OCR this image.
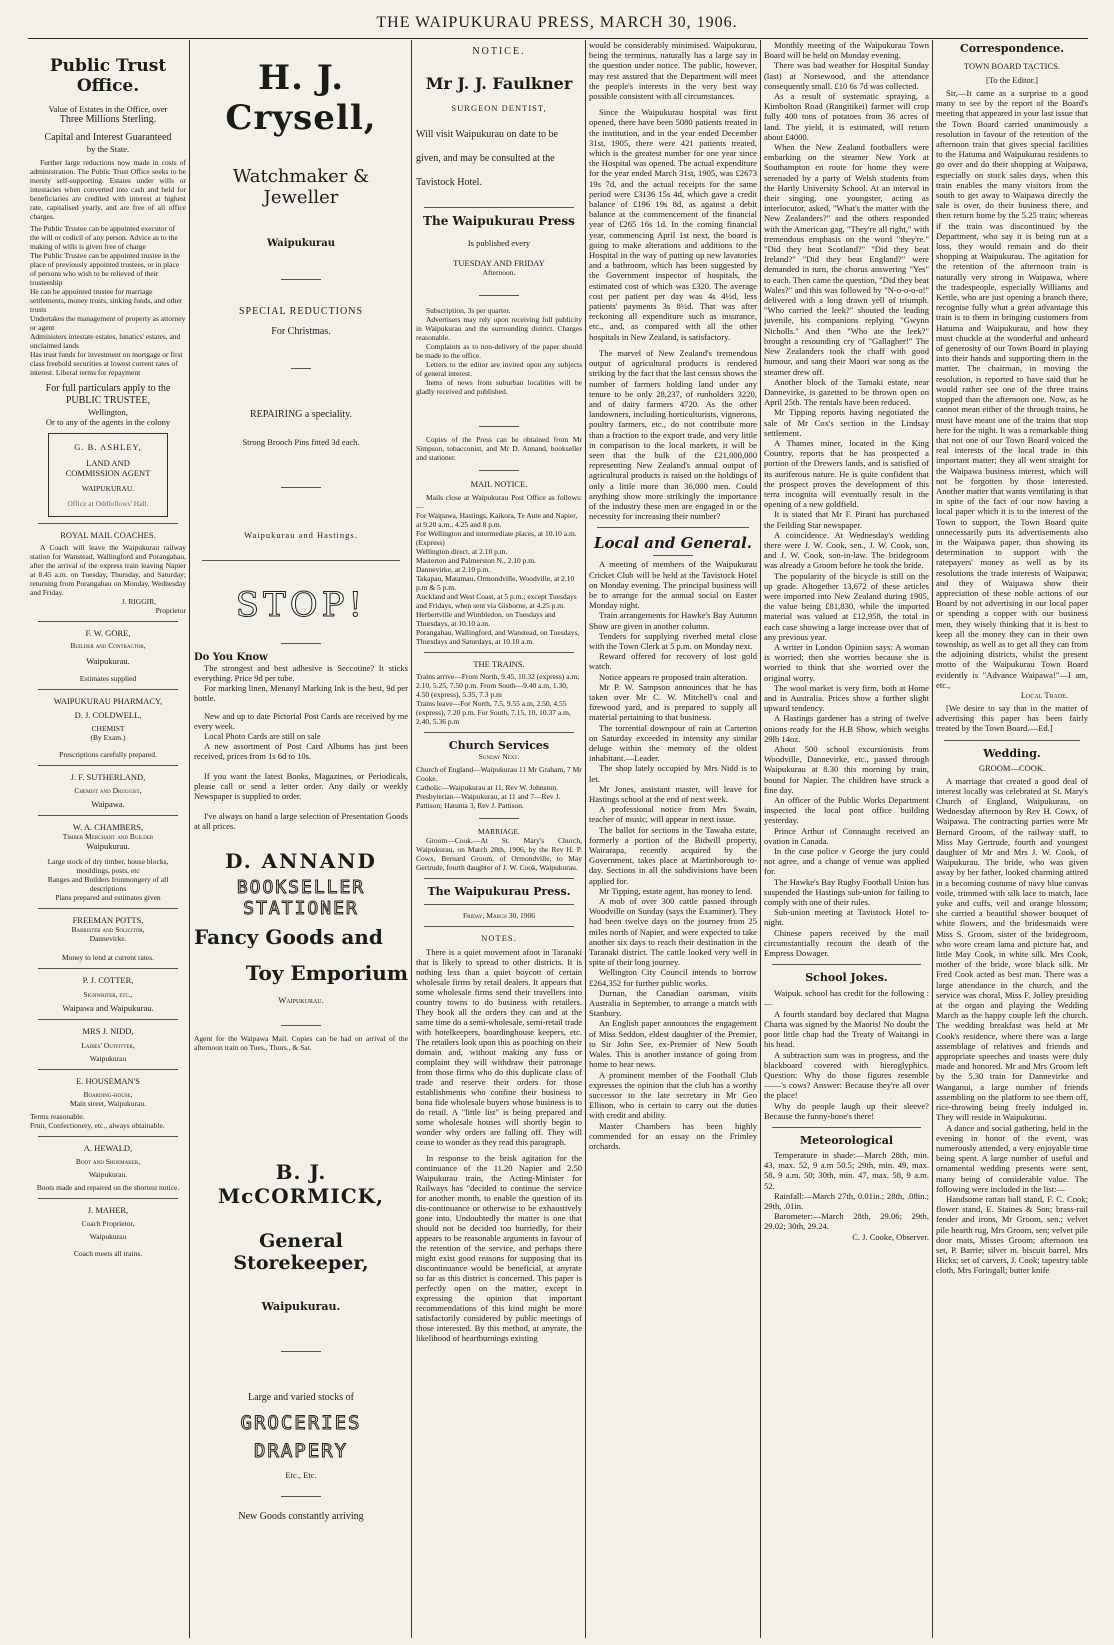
THE WAIPUKURAU PRESS, MARCH 30, 1906.
Public Trust Office.
Value of Estates in the Office, over
Three Millions Sterling.
Capital and Interest Guaranteed
by the State.

Further large reductions now made in costs of administration. The Public Trust Office seeks to be merely self-supporting. Estates under wills or intestacies when converted into cash and held for beneficiaries are credited with interest at highest rate, capitalised yearly, and are free of all office charges.

The Public Trustee can be appointed executor of the will or codicil of any person. Advice as to the making of wills is given free of charge

The Public Trustee can be appointed trustee in the place of previously appointed trustees, or in place of persons who wish to be relieved of their trusteeship

He can be appointed trustee for marriage settlements, money trusts, sinking funds, and other trusts

Undertakes the management of property as attorney or agent

Administers intestate estates, lunatics' estates, and unclaimed lands

Has trust funds for investment on mortgage or first class freehold securities at lowest current rates of interest. Liberal terms for repayment

For full particulars apply to the
PUBLIC TRUSTEE,
Wellington,
Or to any of the agents in the colony
G. B. ASHLEY,
LAND AND
COMMISSION AGENT
WAIPUKURAU.
Office at Oddfellows' Hall.
ROYAL MAIL COACHES.

A Coach will leave the Waipukurau railway station for Wanstead, Wallingford and Porangahau, after the arrival of the express train leaving Napier at 8.45 a.m. on Tuesday, Thursday, and Saturday; returning from Porangahau on Monday, Wednesday and Friday.

J. RIGGIR,
Proprietor
F. W. GORE,
Builder and Contractor,
Waipukurau.
Estimates supplied
WAIPUKURAU PHARMACY,
D. J. COLDWELL,
CHEMIST
(By Exam.)
Prescriptions carefully prepared.
J. F. SUTHERLAND,
Chemist and Druggist,
Waipawa.
W. A. CHAMBERS,
Timber Merchant and Builder
Waipukurau.
Large stock of dry timber, house blocks, mouldings, posts, etc
Ranges and Builders Ironmongery of all descriptions
Plans prepared and estimates given
FREEMAN POTTS,
Barrister and Solicitor,
Dannevirke.
Money to lend at current rates.
P. J. COTTER,
Signwriter, etc.,
Waipawa and Waipukurau.
MRS J. NIDD,
Ladies' Outfitter,
Waipukurau
E. HOUSEMAN'S
Boarding-house,
Main street, Waipukurau.
Terms reasonable.
Fruit, Confectionery, etc., always obtainable.
A. HEWALD,
Boot and Shoemaker,
Waipukurau.
Boots made and repaired on the shortest notice.
J. MAHER,
Coach Proprietor,
Waipukurau
Coach meets all trains.
H. J. Crysell,
Watchmaker & Jeweller
Waipukurau
SPECIAL REDUCTIONS
For Christmas.
REPAIRING a speciality.
Strong Brooch Pins fitted 3d each.
Waipukurau and Hastings.
STOP!
Do You Know

The strongest and best adhesive is Seccotine? It sticks everything. Price 9d per tube.

For marking linen, Menanyl Marking Ink is the best, 9d per bottle.

New and up to date Pictorial Post Cards are received by me every week.

Local Photo Cards are still on sale

A new assortment of Post Card Albums has just been received, prices from 1s 6d to 10s.

If you want the latest Books, Magazines, or Periodicals, please call or send a letter order. Any daily or weekly Newspaper is supplied to order.

I've always on hand a large selection of Presentation Goods at all prices.

D. ANNAND
BOOKSELLER
STATIONER
Fancy Goods and
Toy Emporium
Waipukurau.

Agent for the Waipawa Mail. Copies can be had on arrival of the afternoon train on Tues., Thurs., & Sat.

B. J. McCORMICK,
General Storekeeper,
Waipukurau.
Large and varied stocks of
GROCERIES
DRAPERY
Etc., Etc.
New Goods constantly arriving
NOTICE.
Mr J. J. Faulkner
SURGEON DENTIST,

Will visit Waipukurau on date to be given, and may be consulted at the Tavistock Hotel.

The Waipukurau Press
Is published every
TUESDAY AND FRIDAY
Afternoon.

Subscription, 3s per quarter.

Advertisers may rely upon receiving full publicity in Waipukurau and the surrounding district. Charges reasonable.

Complaints as to non-delivery of the paper should be made to the office.

Letters to the editor are invited upon any subjects of general interest.

Items of news from suburban localities will be gladly received and published.

Copies of the Press can be obtained from Mr Simpson, tobacconist, and Mr D. Annand, bookseller and stationer.

MAIL NOTICE.

Mails close at Waipukurau Post Office as follows:—

For Waipawa, Hastings, Kaikora, Te Aute and Napier, at 9.20 a.m., 4.25 and 8 p.m.

For Wellington and intermediate places, at 10.10 a.m. (Express)

Wellington direct, at 2.10 p.m.

Masterton and Palmerston N., 2.10 p.m.

Dannevirke, at 2.10 p.m.

Takapau, Matamau, Ormondville, Woodville, at 2.10 p.m & 5 p.m.

Auckland and West Coast, at 5 p.m.; except Tuesdays and Fridays, when sent via Gisborne, at 4.25 p.m.

Herbertville and Wimbledon, on Tuesdays and Thursdays, at 10.10 a.m.

Porangahau, Wallingford, and Wanstead, on Tuesdays, Thursdays and Saturdays, at 10.10 a.m.

THE TRAINS.

Trains arrive—From North, 9.45, 10.32 (express) a.m; 2.10, 5.25, 7.50 p.m. From South—9.40 a.m, 1.30, 4.50 (express), 5.35, 7.3 p.m

Trains leave—For North, 7.5, 9.55 a.m, 2.50, 4.55 (express), 7.20 p.m. For South, 7.15, 10, 10.37 a.m, 2.40, 5.36 p.m

Church Services
Sunday Next.

Church of England—Waipukurau 11 Mr Graham, 7 Mr Cooke.

Catholic—Waipukurau at 11, Rev W. Johnston.

Presbyterian—Waipukurau, at 11 and 7—Rev J. Pattison; Hatuma 3, Rev J. Pattison.

MARRIAGE.

Groom—Cook.—At St. Mary's Church, Waipukurau, on March 28th, 1906, by the Rev H. P. Cowx, Bernard Groom, of Ormondville, to May Gertrude, fourth daughter of J. W. Cook, Waipukurau.

The Waipukurau Press.
Friday, March 30, 1906
NOTES.

There is a quiet movement afoot in Taranaki that is likely to spread to other districts. It is nothing less than a quiet boycott of certain wholesale firms by retail dealers. It appears that some wholesale firms send their travellers into country towns to do business with retailers. They book all the orders they can and at the same time do a semi-wholesale, semi-retail trade with hotelkeepers, boardinghouse keepers, etc. The retailers look upon this as poaching on their domain and, without making any fuss or complaint they will withdraw their patronage from those firms who do this duplicate class of trade and reserve their orders for those establishments who confine their business to bona fide wholesale buyers whose business is to do retail. A "little list" is being prepared and some wholesale houses will shortly begin to wonder why orders are falling off. They will cease to wonder as they read this paragraph.

In response to the brisk agitation for the continuance of the 11.20 Napier and 2.50 Waipukurau train, the Acting-Minister for Railways has "decided to continue the service for another month, to enable the question of its dis-continuance or otherwise to be exhaustively gone into. Undoubtedly the matter is one that should not be decided too hurriedly, for their appears to be reasonable arguments in favour of the retention of the service, and perhaps there might exist good reasons for supposing that its discontinuance would be beneficial, at anyrate so far as this district is concerned. This paper is perfectly open on the matter, except in expressing the opinion that important recommendations of this kind might be more satisfactorily considered by public meetings of those interested. By this method, at anyrate, the likelihood of heartburnings existing

would be considerably minimised. Waipukurau, being the terminus, naturally has a large say in the question under notice. The public, however, may rest assured that the Department will meet the people's interests in the very best way possible consistent with all circumstances.

Since the Waipukurau hospital was first opened, there have been 5080 patients treated in the institution, and in the year ended December 31st, 1905, there were 421 patients treated, which is the greatest number for one year since the Hospital was opened. The actual expenditure for the year ended March 31st, 1905, was £2673 19s 7d, and the actual receipts for the same period were £3136 15s 4d, which gave a credit balance of £196 19s 8d, as against a debit balance at the commencement of the financial year of £265 16s 1d. In the coming financial year, commencing April 1st next, the board is going to make alterations and additions to the Hospital in the way of putting up new lavatories and a bathroom, which has been suggested by the Government inspector of hospitals, the estimated cost of which was £320. The average cost per patient per day was 4s 4½d, less patients' payments 3s 8½d. That was after reckoning all expenditure such as insurance, etc., and, as compared with all the other hospitals in New Zealand, is satisfactory.

The marvel of New Zealand's tremendous output of agricultural products is rendered striking by the fact that the last census shows the number of farmers holding land under any tenure to be only 28,237, of runholders 3220, and of dairy farmers 4720. As the other landowners, including horticulturists, vignerons, poultry farmers, etc., do not contribute more than a fraction to the export trade, and very little in comparison to the local markets, it will be seen that the bulk of the £21,000,000 representing New Zealand's annual output of agricultural products is raised on the holdings of only a little more than 36,000 men. Could anything show more strikingly the importance of the industry these men are engaged in or the necessity for increasing their number?

Local and General.

A meeting of members of the Waipukurau Cricket Club will be held at the Tavistock Hotel on Monday evening. The principal business will be to arrange for the annual social on Easter Monday night.

Train arrangements for Hawke's Bay Autumn Show are given in another column.

Tenders for supplying riverbed metal close with the Town Clerk at 5 p.m. on Monday next.

Reward offered for recovery of lost gold watch.

Notice appears re proposed train alteration.

Mr P. W. Sampson announces that he has taken over Mr C. W. Mitchell's coal and firewood yard, and is prepared to supply all material pertaining to that business.

The torrential downpour of rain at Carterton on Saturday exceeded in intensity any similar deluge within the memory of the oldest inhabitant.—Leader.

The shop lately occupied by Mrs Nidd is to let.

Mr Jones, assistant master, will leave for Hastings school at the end of next week.

A professional notice from Mrs Swain, teacher of music, will appear in next issue.

The ballot for sections in the Tawaha estate, formerly a portion of the Bidwill property, Wairarapa, recently acquired by the Government, takes place at Martinborough to-day. Sections in all the subdivisions have been applied for.

Mr Tipping, estate agent, has money to lend.

A mob of over 300 cattle passed through Woodville on Sunday (says the Examiner). They had been twelve days on the journey from 25 miles north of Napier, and were expected to take another six days to reach their destination in the Taranaki district. The cattle looked very well in spite of their long journey.

Wellington City Council intends to borrow £264,352 for further public works.

Durnan, the Canadian oarsman, visits Australia in September, to arrange a match with Stanbury.

An English paper announces the engagement of Miss Seddon, eldest daughter of the Premier, to Sir John See, ex-Premier of New South Wales. This is another instance of going from home to hear news.

A prominent member of the Football Club expresses the opinion that the club has a worthy successor to the late secretary in Mr Geo Ellison, who is certain to carry out the duties with credit and ability.

Master Chambers has been highly commended for an essay on the Frimley orchards.

Monthly meeting of the Waipukurau Town Board will be held on Monday evening.

There was bad weather for Hospital Sunday (last) at Norsewood, and the attendance consequently small. £10 6s 7d was collected.

As a result of systematic spraying, a Kimbolton Road (Rangitikei) farmer will crop fully 400 tons of potatoes from 36 acres of land. The yield, it is estimated, will return about £4000.

When the New Zealand footballers were embarking on the steamer New York at Southampton en route for home they were serenaded by a party of Welsh students from the Hartly University School. At an interval in their singing, one youngster, acting as interlocutor, asked, "What's the matter with the New Zealanders?" and the others responded with the American gag, "They're all right," with tremendous emphasis on the word "they're." "Did they beat Scotland?" "Did they beat Ireland?" "Did they beat England?" were demanded in turn, the chorus answering "Yes" to each. Then came the question, "Did they beat Wales?" and this was followed by "N-o-o-o-o!" delivered with a long drawn yell of triumph. "Who carried the leek?" shouted the leading juvenile, his companions replying "Gwynn Nicholls." And then "Who ate the leek?" brought a resounding cry of "Gallagher!" The New Zealanders took the chaff with good humour, and sang their Maori war song as the steamer drew off.

Another block of the Tamaki estate, near Dannevirke, is gazetted to be thrown open on April 25th. The rentals have been reduced.

Mr Tipping reports having negotiated the sale of Mr Cox's section in the Lindsay settlement.

A Thames miner, located in the King Country, reports that he has prospected a portion of the Drewers lands, and is satisfied of its auriferous nature. He is quite confident that the prospect proves the development of this terra incognita will eventually result in the opening of a new goldfield.

It is stated that Mr F. Pirani has purchased the Feilding Star newspaper.

A coincidence. At Wednesday's wedding there were J. W. Cook, sen., J. W. Cook, son, and J. W. Cook, son-in-law. The bridegroom was already a Groom before he took the bride.

The popularity of the bicycle is still on the up grade. Altogether 13,672 of these articles were imported into New Zealand during 1905, the value being £81,830, while the imported material was valued at £12,958, the total in each case showing a large increase over that of any previous year.

A writer in London Opinion says: A woman is worried; then she worries because she is worried to think that she worried over the original worry.

The wool market is very firm, both at Home and in Australia. Prices show a further slight upward tendency.

A Hastings gardener has a string of twelve onions ready for the H.B Show, which weighs 29lb 14oz.

About 500 school excursionists from Woodville, Dannevirke, etc., passed through Waipukurau at 8.30 this morning by train, bound for Napier. The children have struck a fine day.

An officer of the Public Works Department inspected the local post office building yesterday.

Prince Arthur of Connaught received an ovation in Canada.

In the case police v George the jury could not agree, and a change of venue was applied for.

The Hawke's Bay Rugby Football Union has suspended the Hastings sub-union for failing to comply with one of their rules.

Sub-union meeting at Tavistock Hotel to-night.

Chinese papers received by the mail circumstantially recount the death of the Empress Dowager.

School Jokes.

Waipuk. school has credit for the following :—

A fourth standard boy declared that Magna Charta was signed by the Maoris! No doubt the poor little chap had the Treaty of Waitangi in his head.

A subtraction sum was in progress, and the blackboard covered with hieroglyphics. Question: Why do those figures resemble ——'s cows? Answer: Because they're all over the place!

Why do people laugh up their sleeve? Because the funny-bone's there!

Meteorological

Temperature in shade:—March 28th, min. 43, max. 52, 9 a.m 50.5; 29th, min. 49, max. 58, 9 a.m. 50; 30th, min. 47, max. 58, 9 a.m. 52.

Rainfall:—March 27th, 0.01in.; 28th, .08in.; 29th, .01in.

Barometer:—March 28th, 29.06; 29th, 29.02; 30th, 29.24.

C. J. Cooke, Observer.
Correspondence.
TOWN BOARD TACTICS.
[To the Editor.]

Sir,—It came as a surprise to a good many to see by the report of the Board's meeting that appeared in your last issue that the Town Board carried unanimously a resolution in favour of the retention of the afternoon train that gives special facilities to the Hatuma and Waipukurau residents to go over and do their shopping at Waipawa, especially on stock sales days, when this train enables the many visitors from the south to get away to Waipawa directly the sale is over, do their business there, and then return home by the 5.25 train; whereas if the train was discontinued by the Department, who say it is being run at a loss, they would remain and do their shopping at Waipukurau. The agitation for the retention of the afternoon train is naturally very strong in Waipawa, where the tradespeople, especially Williams and Kettle, who are just opening a branch there, recognise fully what a great advantage this train is to them in bringing customers from Hatuma and Waipukurau, and how they must chuckle at the wonderful and unheard of generosity of our Town Board in playing into their hands and supporting them in the matter. The chairman, in moving the resolution, is reported to have said that he would rather see one of the three trains stopped than the afternoon one. Now, as he cannot mean either of the through trains, he must have meant one of the trains that stop here for the night. It was a remarkable thing that not one of our Town Board voiced the real interests of the local trade in this important matter; they all went straight for the Waipawa business interest, which will not be forgotten by those interested. Another matter that wants ventilating is that in spite of the fact of our now having a local paper which it is to the interest of the Town to support, the Town Board quite unnecessarily puts its advertisements also in the Waipawa paper, thus showing its determination to support with the ratepayers' money as well as by its resolutions the trade interests of Waipawa; and they of Waipawa show their appreciation of these noble actions of our Board by not advertising in our local paper or spending a copper with our business men, they wisely thinking that it is best to keep all the money they can in their own township, as well as to get all they can from the adjoining districts, whilst the present motto of the Waipukurau Town Board evidently is "Advance Waipawa!"—I am, etc.,

Local Trade.

[We desire to say that in the matter of advertising this paper has been fairly treated by the Town Board.—Ed.]

Wedding.
GROOM—COOK.

A marriage that created a good deal of interest locally was celebrated at St. Mary's Church of England, Waipukurau, on Wednesday afternoon by Rev H. Cowx, of Waipawa. The contracting parties were Mr Bernard Groom, of the railway staff, to Miss May Gertrude, fourth and youngest daughter of Mr and Mrs J. W. Cook, of Waipukurau. The bride, who was given away by her father, looked charming attired in a becoming costume of navy blue canvas voile, trimmed with silk lace to match, lace yoke and cuffs, veil and orange blossom; she carried a beautiful shower bouquet of white flowers, and the bridesmaids were Miss S. Groom, sister of the bridegroom, who wore cream lama and picture hat, and little May Cook, in white silk. Mrs Cook, mother of the bride, wore black silk. Mr Fred Cook acted as best man. There was a large attendance in the church, and the service was choral, Miss F. Jolley presiding at the organ and playing the Wedding March as the happy couple left the church. The wedding breakfast was held at Mr Cook's residence, where there was a large assemblage of relatives and friends and appropriate speeches and toasts were duly made and honored. Mr and Mrs Groom left by the 5.30 train for Dannevirke and Wanganui, a large number of friends assembling on the platform to see them off, rice-throwing being freely indulged in. They will reside in Waipukurau.

A dance and social gathering, held in the evening in honor of the event, was numerously attended, a very enjoyable time being spent. A large number of useful and ornamental wedding presents were sent, many being of considerable value. The following were included in the list:—

Handsome rattan ball stand, F. C. Cook; flower stand, E. Staines & Son; brass-rail fender and irons, Mr Groom, sen.; velvet pile hearth rug, Mrs Groom, sen; velvet pile door mats, Misses Groom; afternoon tea set, P. Barrie; silver m. biscuit barrel, Mrs Hicks; set of carvers, J. Cook; tapestry table cloth, Mrs Foringall; butter knife
